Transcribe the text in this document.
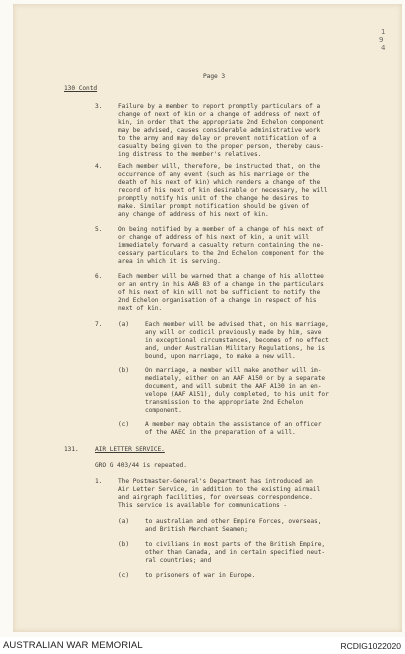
1
9
4
Page 3
130 Contd
3.	Failure by a member to report promptly particulars of a
change of next of kin or a change of address of next of
kin, in order that the appropriate 2nd Echelon component
may be advised, causes considerable administrative work
to the army and may delay or prevent notification of a
casualty being given to the proper person, thereby caus-
ing distress to the member's relatives.
4.	Each member will, therefore, be instructed that, on the
occurrence of any event (such as his marriage or the
death of his next of kin) which renders a change of the
record of his next of kin desirable or necessary, he will
promptly notify his unit of the change he desires to
make. Similar prompt notification should be given of
any change of address of his next of kin.
5.	On being notified by a member of a change of his next of
or change of address of his next of kin, a unit will
immediately forward a casualty return containing the ne-
cessary particulars to the 2nd Echelon component for the
area in which it is serving.
6.	Each member will be warned that a change of his allottee
or an entry in his AAB 83 of a change in the particulars
of his next of kin will not be sufficient to notify the
2nd Echelon organisation of a change in respect of his
next of kin.
7.	(a)	Each member will be advised that, on his marriage,
any will or codicil previously made by him, save
in exceptional circumstances, becomes of no effect
and, under Australian Military Regulations, he is
bound, upon marriage, to make a new will.
(b)	On marriage, a member will make another will im-
mediately, either on an AAF A150 or by a separate
document, and will submit the AAF A130 in an en-
velope (AAF A151), duly completed, to his unit for
transmission to the appropriate 2nd Echelon
component.
(c)	A member may obtain the assistance of an officer
of the AAEC in the preparation of a will.
131.	AIR LETTER SERVICE.
GRO G 403/44 is repeated.
1.	The Postmaster-General's Department has introduced an
Air Letter Service, in addition to the existing airmail
and airgraph facilities, for overseas correspondence.
This service is available for communications -
(a)	to australian and other Empire Forces, overseas,
and British Merchant Seamen;
(b)	to civilians in most parts of the British Empire,
other than Canada, and in certain specified neut-
ral countries; and
(c)	to prisoners of war in Europe.
AUSTRALIAN WAR MEMORIAL	RCDIG1022020
